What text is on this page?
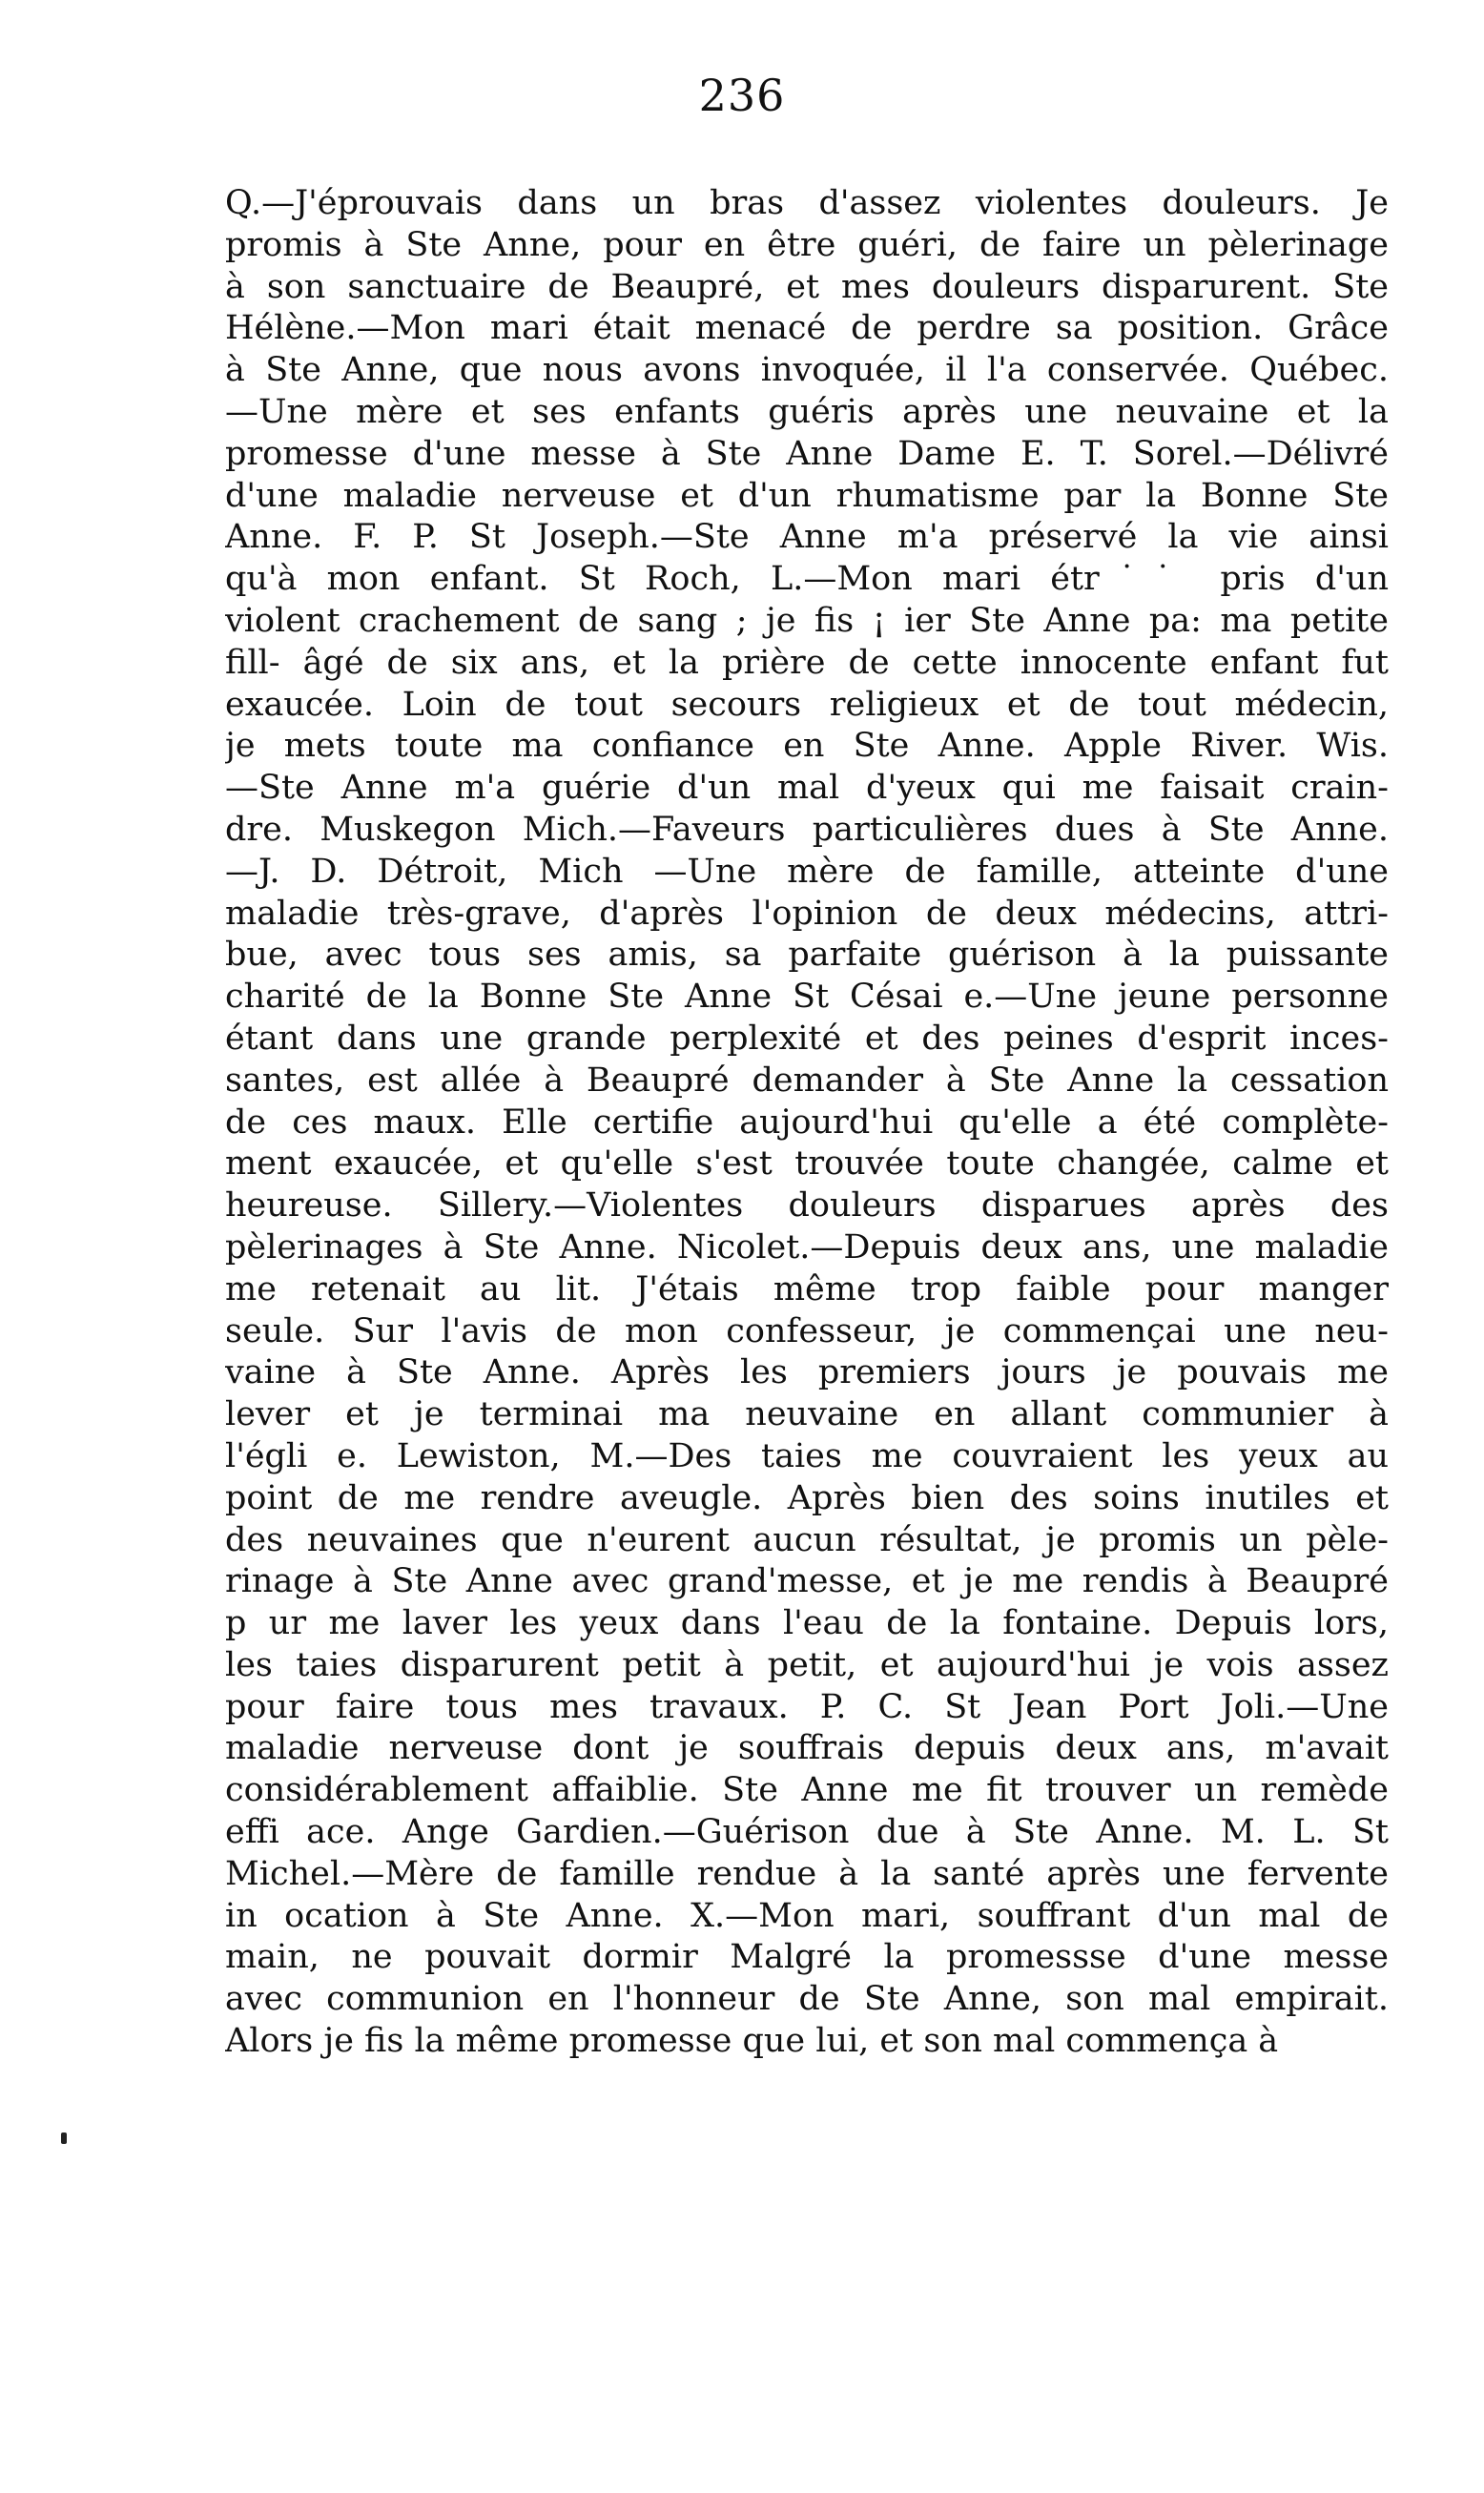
236
Q.—J'éprouvais dans un bras d'assez violentes douleurs. Je
promis à Ste Anne, pour en être guéri, de faire un pèlerinage
à son sanctuaire de Beaupré, et mes douleurs disparurent. Ste
Hélène.—Mon mari était menacé de perdre sa position. Grâce
à Ste Anne, que nous avons invoquée, il l'a conservée. Québec.
—Une mère et ses enfants guéris après une neuvaine et la
promesse d'une messe à Ste Anne Dame E. T. Sorel.—Délivré
d'une maladie nerveuse et d'un rhumatisme par la Bonne Ste
Anne. F. P. St Joseph.—Ste Anne m'a préservé la vie ainsi
qu'à mon enfant. St Roch, L.—Mon mari étr˙˙ pris d'un
violent crachement de sang ; je fis ¡ ier Ste Anne pa: ma petite
fill- âgé de six ans, et la prière de cette innocente enfant fut
exaucée. Loin de tout secours religieux et de tout médecin,
je mets toute ma confiance en Ste Anne. Apple River. Wis.
—Ste Anne m'a guérie d'un mal d'yeux qui me faisait crain-
dre. Muskegon Mich.—Faveurs particulières dues à Ste Anne.
—J. D. Détroit, Mich —Une mère de famille, atteinte d'une
maladie très-grave, d'après l'opinion de deux médecins, attri-
bue, avec tous ses amis, sa parfaite guérison à la puissante
charité de la Bonne Ste Anne St Césai e.—Une jeune personne
étant dans une grande perplexité et des peines d'esprit inces-
santes, est allée à Beaupré demander à Ste Anne la cessation
de ces maux. Elle certifie aujourd'hui qu'elle a été complète-
ment exaucée, et qu'elle s'est trouvée toute changée, calme et
heureuse. Sillery.—Violentes douleurs disparues après des
pèlerinages à Ste Anne. Nicolet.—Depuis deux ans, une maladie
me retenait au lit. J'étais même trop faible pour manger
seule. Sur l'avis de mon confesseur, je commençai une neu-
vaine à Ste Anne. Après les premiers jours je pouvais me
lever et je terminai ma neuvaine en allant communier à
l'égli e. Lewiston, M.—Des taies me couvraient les yeux au
point de me rendre aveugle. Après bien des soins inutiles et
des neuvaines que n'eurent aucun résultat, je promis un pèle-
rinage à Ste Anne avec grand'messe, et je me rendis à Beaupré
p ur me laver les yeux dans l'eau de la fontaine. Depuis lors,
les taies disparurent petit à petit, et aujourd'hui je vois assez
pour faire tous mes travaux. P. C. St Jean Port Joli.—Une
maladie nerveuse dont je souffrais depuis deux ans, m'avait
considérablement affaiblie. Ste Anne me fit trouver un remède
effi ace. Ange Gardien.—Guérison due à Ste Anne. M. L. St
Michel.—Mère de famille rendue à la santé après une fervente
in ocation à Ste Anne. X.—Mon mari, souffrant d'un mal de
main, ne pouvait dormir Malgré la promessse d'une messe
avec communion en l'honneur de Ste Anne, son mal empirait.
Alors je fis la même promesse que lui, et son mal commença à
